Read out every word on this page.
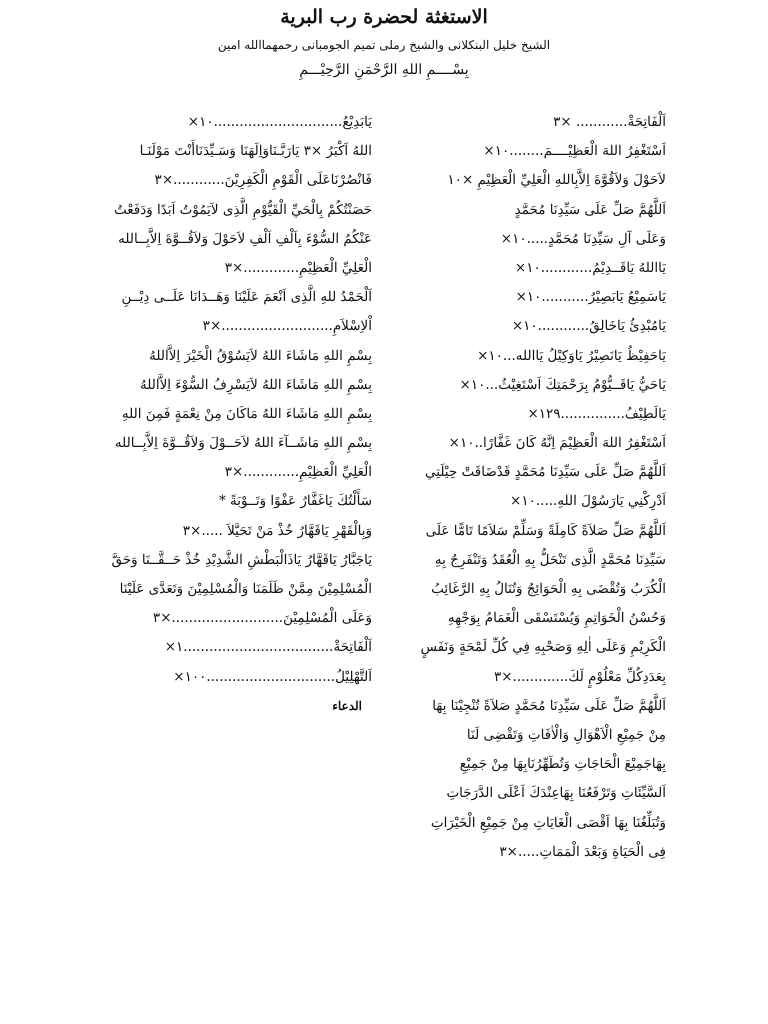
الاستغثة لحضرة رب البرية
الشيخ خليل البنكلانى والشيخ رملى تميم الجومبانى رحمهماالله امين
بِسْــــمِ اللهِ الرَّحْمَنِ الرَّحِيْـــمِ
اَلْفَاتِحَةْ............ ×٣
اَسْتَغْفِرُ اللهَ الْعَظِيْــــمَ........١٠×
لاَحَوْلَ وَلاَقُوَّةَ اِلاَّبِاللهِ الْعَلِيِّ الْعَظِيْمِ ×١٠
اَللَّهُمَّ صَلِّ عَلَى سَيِّدِنَا مُحَمَّدٍ
وَعَلَى آلِ سَيِّدِنَا مُحَمَّدٍ.....١٠×
يَااللهُ يَاقَــدِيْمُ............١٠×
يَاسَمِيْعُ يَابَصِيْرُ...........١٠×
يَامُبْدِئُ يَاخَالِقُ............١٠×
يَاحَفِيْظُ يَانَصِيْرُ يَاوَكِيْلُ يَاالله...١٠×
يَاحَيُّ يَاقَــيُّوْمُ بِرَحْمَتِكَ اَسْتَغِيْثُ...١٠×
يَالَطِيْفُ...............١٢٩×
اَسْتَغْفِرُ اللهَ الْعَظِيْمَ اِنَّهُ كَانَ غَفَّارًا..١٠×
اَللَّهُمَّ صَلِّ عَلَى سَيِّدِنَا مُحَمَّدٍ قَدْضَاقَتْ حِيْلَتِي
اَدْرِكْنِي يَارَسُوْلَ اللهِ.....١٠×
اَللَّهُمَّ صَلِّ صَلاَةً كَامِلَةً وَسَلِّمْ سَلاَمًا تَامًّا عَلَى
سَيِّدِنَا مُحَمَّدٍ الَّذِى تَنْحَلُّ بِهِ الْعُقَدُ وَتَنْفَرِجُ بِهِ
الْكُرَبُ وَتُقْضَى بِهِ الْحَوَائِجُ وَتُنَالُ بِهِ الرَّغَائِبُ
وَحُسْنُ الْخَوَاتِمِ وَيُسْتَسْقَى الْغَمَامُ بِوَجْهِهِ
الْكَرِيْمِ وَعَلَى اٰلِهِ وَصَحْبِهِ فِي كُلِّ لَمْحَةٍ وَنَفَسٍ
بِعَدَدِكُلِّ مَعْلُوْمٍ لَكَ.............×٣
اَللَّهُمَّ صَلِّ عَلَى سَيِّدِنَا مُحَمَّدٍ صَلاَةً تُنْجِيْنَا بِهَا
مِنْ جَمِيْعِ الْاَهْوَالِ وَالْاٰفَاتِ وَتَقْضِى لَنَا
بِهَاجَمِيْعَ الْحَاجَاتِ وَتُطَهِّرُنَابِهَا مِنْ جَمِيْعِ
اَلسَّيِّئَاتِ وَتَرْفَعُنَا بِهَاعِنْدَكَ اَعْلَى الدَّرَجَاتِ
وَتُبَلِّغُنَا بِهَا اَقْصَى الْغَايَاتِ مِنْ جَمِيْعِ الْخَيْرَاتِ
فِى الْحَيَاةِ وَبَعْدَ الْمَمَاتِ.....×٣
يَابَدِيْعُ..............................١٠×
اللهُ اَكْبَرُ ×٣ يَارَبَّـنَاوَاِلَهَنَا وَسَـيِّدَنَاأَنْتَ مَوْلَنَـا
فَانْصُرْنَاعَلَى الْقَوْمِ الْكَفِرِيْنَ............×٣
حَصَنْتُكُمْ بِالْحَيِّ الْقَيُّوْمِ الَّذِى لاَيَمُوْتُ اَبَدًا وَدَفَعْتُ
عَنْكُمُ السُّوْءَ بِاَلْفِ اَلْفِ لاَحَوْلَ وَلاَقُــوَّةَ اِلاَّبِــالله
الْعَلِيِّ الْعَظِيْمِ.............×٣
اَلْحَمْدُ للهِ الَّذِى اَنْعَمَ عَلَيْنَا وَهَــدَانَا عَلَــى دِيْــنِ
اْلاِسْلاَمِ..........................×٣
بِسْمِ اللهِ مَاشَاءَ اللهُ لاَيَسُوْقُ الْخَيْرَ اِلاَّاللهُ
بِسْمِ اللهِ مَاشَاءَ اللهُ لاَيَسْرِفُ السُّوْءَ اِلاَّاللهُ
بِسْمِ اللهِ مَاشَاءَ اللهُ مَاكَانَ مِنْ نِعْمَةٍ فَمِنَ اللهِ
بِسْمِ اللهِ مَاشَــآءَ اللهُ لاَحَــوْلَ وَلاَقُــوَّةَ اِلاَّبِــالله
الْعَلِيِّ الْعَظِيْمِ.............×٣
سَأَلْتُكَ يَاغَفَّارُ عَفْوًا وَتَــوْبَةً *
وَبِالْقَهْرِ يَاقَهَّارُ خُذْ مَنْ تَحَيَّلاَ .....×٣
يَاجَبَّارُ يَاقَهَّارُ يَاذَالْبَطْشِ الشَّدِيْدِ خُذْ حَــقَّــنَا وَحَقَّ
الْمُسْلِمِيْنَ مِمَّنْ ظَلَمَنَا وَالْمُسْلِمِيْنَ وَتَعَدَّى عَلَيْنَا
وَعَلَى الْمُسْلِمِيْنَ..........................×٣
اَلْفَاتِحَةْ...................................١×
اَلتَّهْلِيْلُ..............................١٠٠×
الدعاء
